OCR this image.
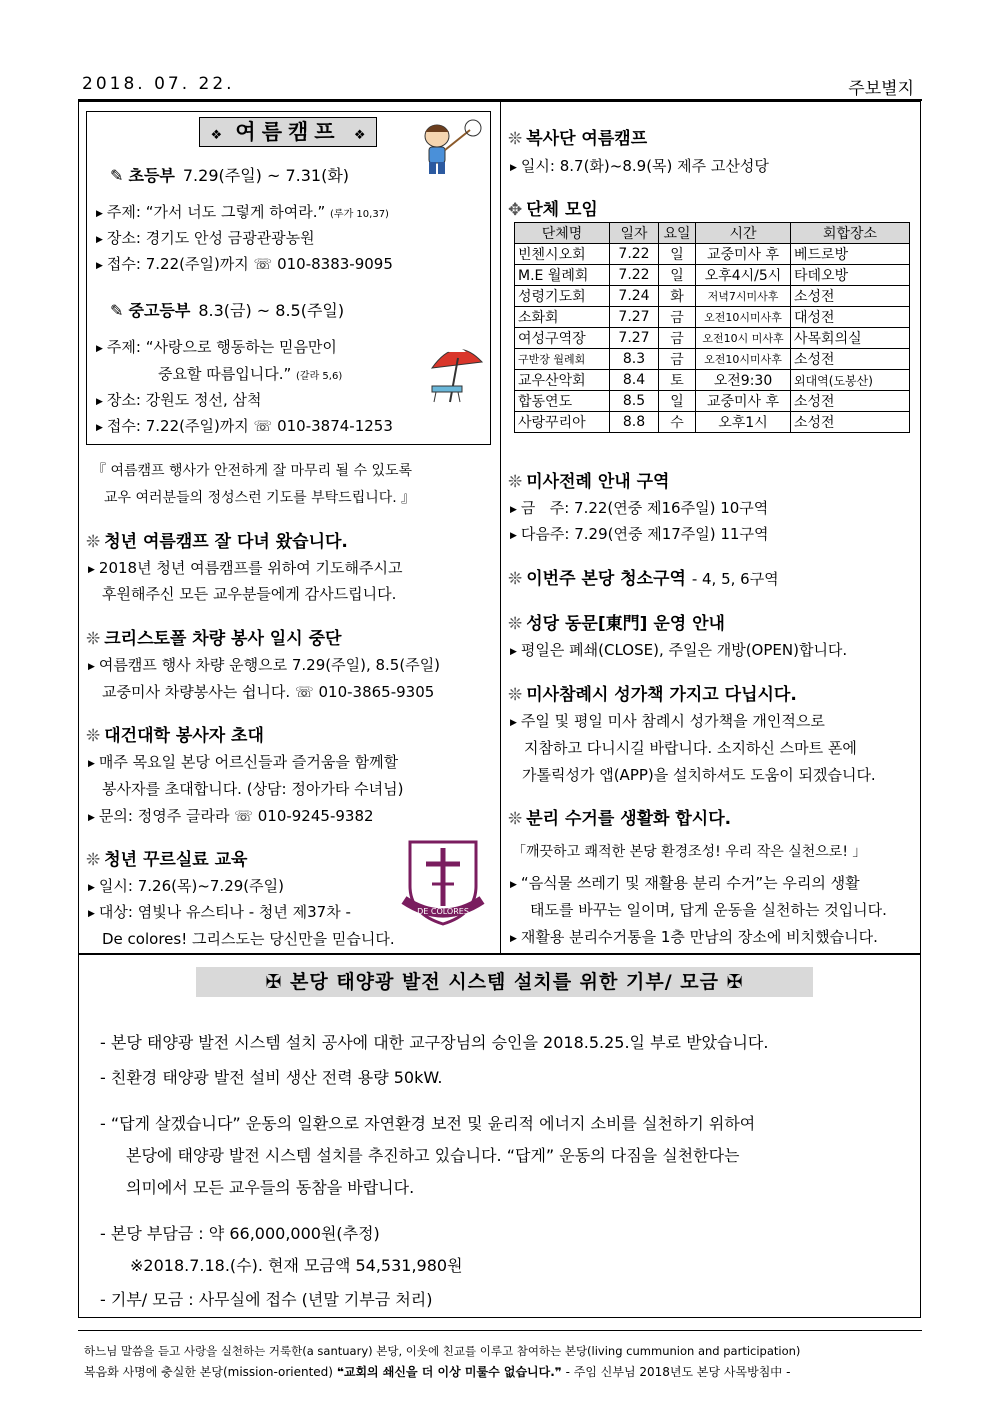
2018. 07. 22.	주보별지
❖ 여름캠프 ❖
✎ 초등부 7.29(주일) ~ 7.31(화)
▶ 주제: “가서 너도 그렇게 하여라.” (루가 10,37)
▶ 장소: 경기도 안성 금광관광농원
▶ 접수: 7.22(주일)까지 ☏ 010-8383-9095
✎ 중고등부 8.3(금) ~ 8.5(주일)
▶ 주제: “사랑으로 행동하는 믿음만이
중요할 따름입니다.” (갈라 5,6)
▶ 장소: 강원도 정선, 삼척
▶ 접수: 7.22(주일)까지 ☏ 010-3874-1253
『 여름캠프 행사가 안전하게 잘 마무리 될 수 있도록
교우 여러분들의 정성스런 기도를 부탁드립니다. 』
❊ 청년 여름캠프 잘 다녀 왔습니다.
▶ 2018년 청년 여름캠프를 위하여 기도해주시고
후원해주신 모든 교우분들에게 감사드립니다.
❊ 크리스토폴 차량 봉사 일시 중단
▶ 여름캠프 행사 차량 운행으로 7.29(주일), 8.5(주일)
교중미사 차량봉사는 쉽니다. ☏ 010-3865-9305
❊ 대건대학 봉사자 초대
▶ 매주 목요일 본당 어르신들과 즐거움을 함께할
봉사자를 초대합니다. (상담: 정아가타 수녀님)
▶ 문의: 정영주 글라라 ☏ 010-9245-9382
❊ 청년 꾸르실료 교육
▶ 일시: 7.26(목)~7.29(주일)
▶ 대상: 염빛나 유스티나 - 청년 제37차 -
De colores! 그리스도는 당신만을 믿습니다.
DE COLORES
❊ 복사단 여름캠프
▶ 일시: 8.7(화)~8.9(목) 제주 고산성당
✥ 단체 모임
단체명	일자	요일	시간	회합장소
빈첸시오회	7.22	일	교중미사 후	베드로방
M.E 월례회	7.22	일	오후4시/5시	타데오방
성령기도회	7.24	화	저녁7시미사후	소성전
소화회	7.27	금	오전10시미사후	대성전
여성구역장	7.27	금	오전10시 미사후	사목회의실
구반장 월례회	8.3	금	오전10시미사후	소성전
교우산악회	8.4	토	오전9:30	외대역(도봉산)
합동연도	8.5	일	교중미사 후	소성전
사랑꾸리아	8.8	수	오후1시	소성전
❊ 미사전례 안내 구역
▶ 금   주: 7.22(연중 제16주일) 10구역
▶ 다음주: 7.29(연중 제17주일) 11구역
❊ 이번주 본당 청소구역 - 4, 5, 6구역
❊ 성당 동문[東門] 운영 안내
▶ 평일은 폐쇄(CLOSE), 주일은 개방(OPEN)합니다.
❊ 미사참례시 성가책 가지고 다닙시다.
▶ 주일 및 평일 미사 참례시 성가책을 개인적으로
지참하고 다니시길 바랍니다. 소지하신 스마트 폰에
가톨릭성가 앱(APP)을 설치하셔도 도움이 되겠습니다.
❊ 분리 수거를 생활화 합시다.
「깨끗하고 쾌적한 본당 환경조성! 우리 작은 실천으로! 」
▶ “음식물 쓰레기 및 재활용 분리 수거”는 우리의 생활
태도를 바꾸는 일이며, 답게 운동을 실천하는 것입니다.
▶ 재활용 분리수거통을 1층 만남의 장소에 비치했습니다.
✠ 본당 태양광 발전 시스템 설치를 위한 기부/ 모금 ✠
- 본당 태양광 발전 시스템 설치 공사에 대한 교구장님의 승인을 2018.5.25.일 부로 받았습니다.
- 친환경 태양광 발전 설비 생산 전력 용량 50kW.
- “답게 살겠습니다” 운동의 일환으로 자연환경 보전 및 윤리적 에너지 소비를 실천하기 위하여
본당에 태양광 발전 시스템 설치를 추진하고 있습니다. “답게” 운동의 다짐을 실천한다는
의미에서 모든 교우들의 동참을 바랍니다.
- 본당 부담금 : 약 66,000,000원(추정)
※2018.7.18.(수). 현재 모금액 54,531,980원
- 기부/ 모금 : 사무실에 접수 (년말 기부금 처리)
하느님 말씀을 듣고 사랑을 실천하는 거룩한(a santuary) 본당, 이웃에 친교를 이루고 참여하는 본당(living cummunion and participation)
복음화 사명에 충실한 본당(mission-oriented) ❝교회의 쇄신을 더 이상 미룰수 없습니다.❞ - 주임 신부님 2018년도 본당 사목방침中 -
